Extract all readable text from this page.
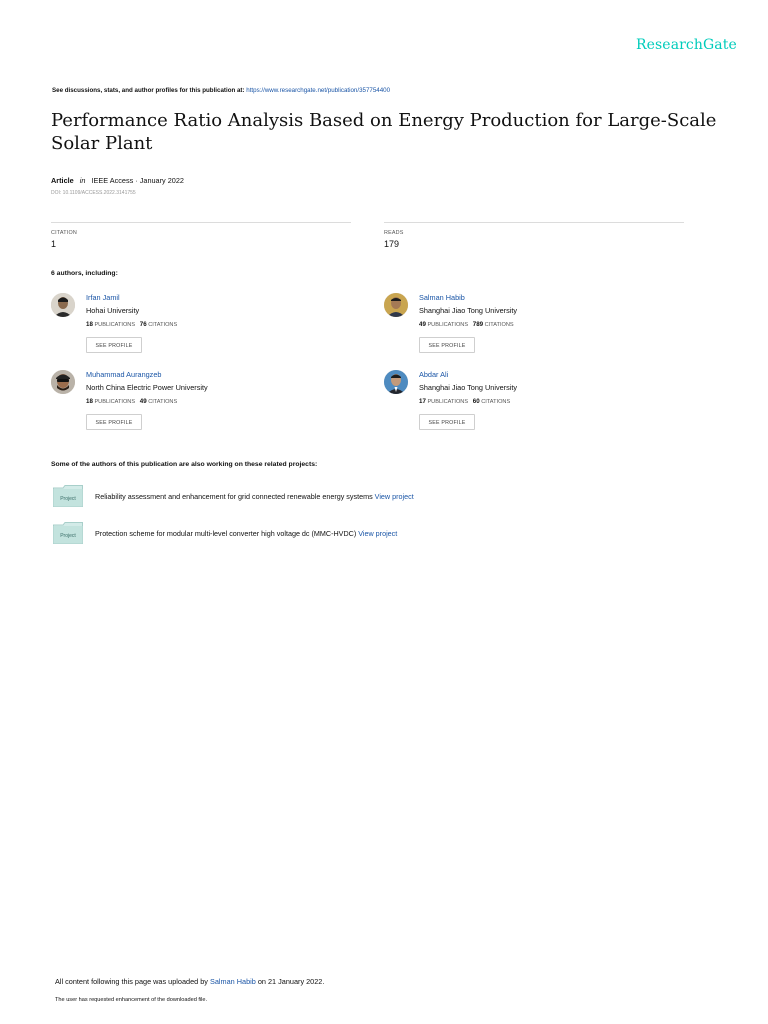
ResearchGate
See discussions, stats, and author profiles for this publication at: https://www.researchgate.net/publication/357754400
Performance Ratio Analysis Based on Energy Production for Large-Scale Solar Plant
Article in IEEE Access · January 2022
DOI: 10.1109/ACCESS.2022.3141755
CITATION
1
READS
179
6 authors, including:
Irfan Jamil
Hohai University
18 PUBLICATIONS 76 CITATIONS
SEE PROFILE
Salman Habib
Shanghai Jiao Tong University
49 PUBLICATIONS 789 CITATIONS
SEE PROFILE
Muhammad Aurangzeb
North China Electric Power University
18 PUBLICATIONS 49 CITATIONS
SEE PROFILE
Abdar Ali
Shanghai Jiao Tong University
17 PUBLICATIONS 60 CITATIONS
SEE PROFILE
Some of the authors of this publication are also working on these related projects:
Project	Reliability assessment and enhancement for grid connected renewable energy systems View project
Project	Protection scheme for modular multi-level converter high voltage dc (MMC-HVDC) View project
All content following this page was uploaded by Salman Habib on 21 January 2022.
The user has requested enhancement of the downloaded file.
